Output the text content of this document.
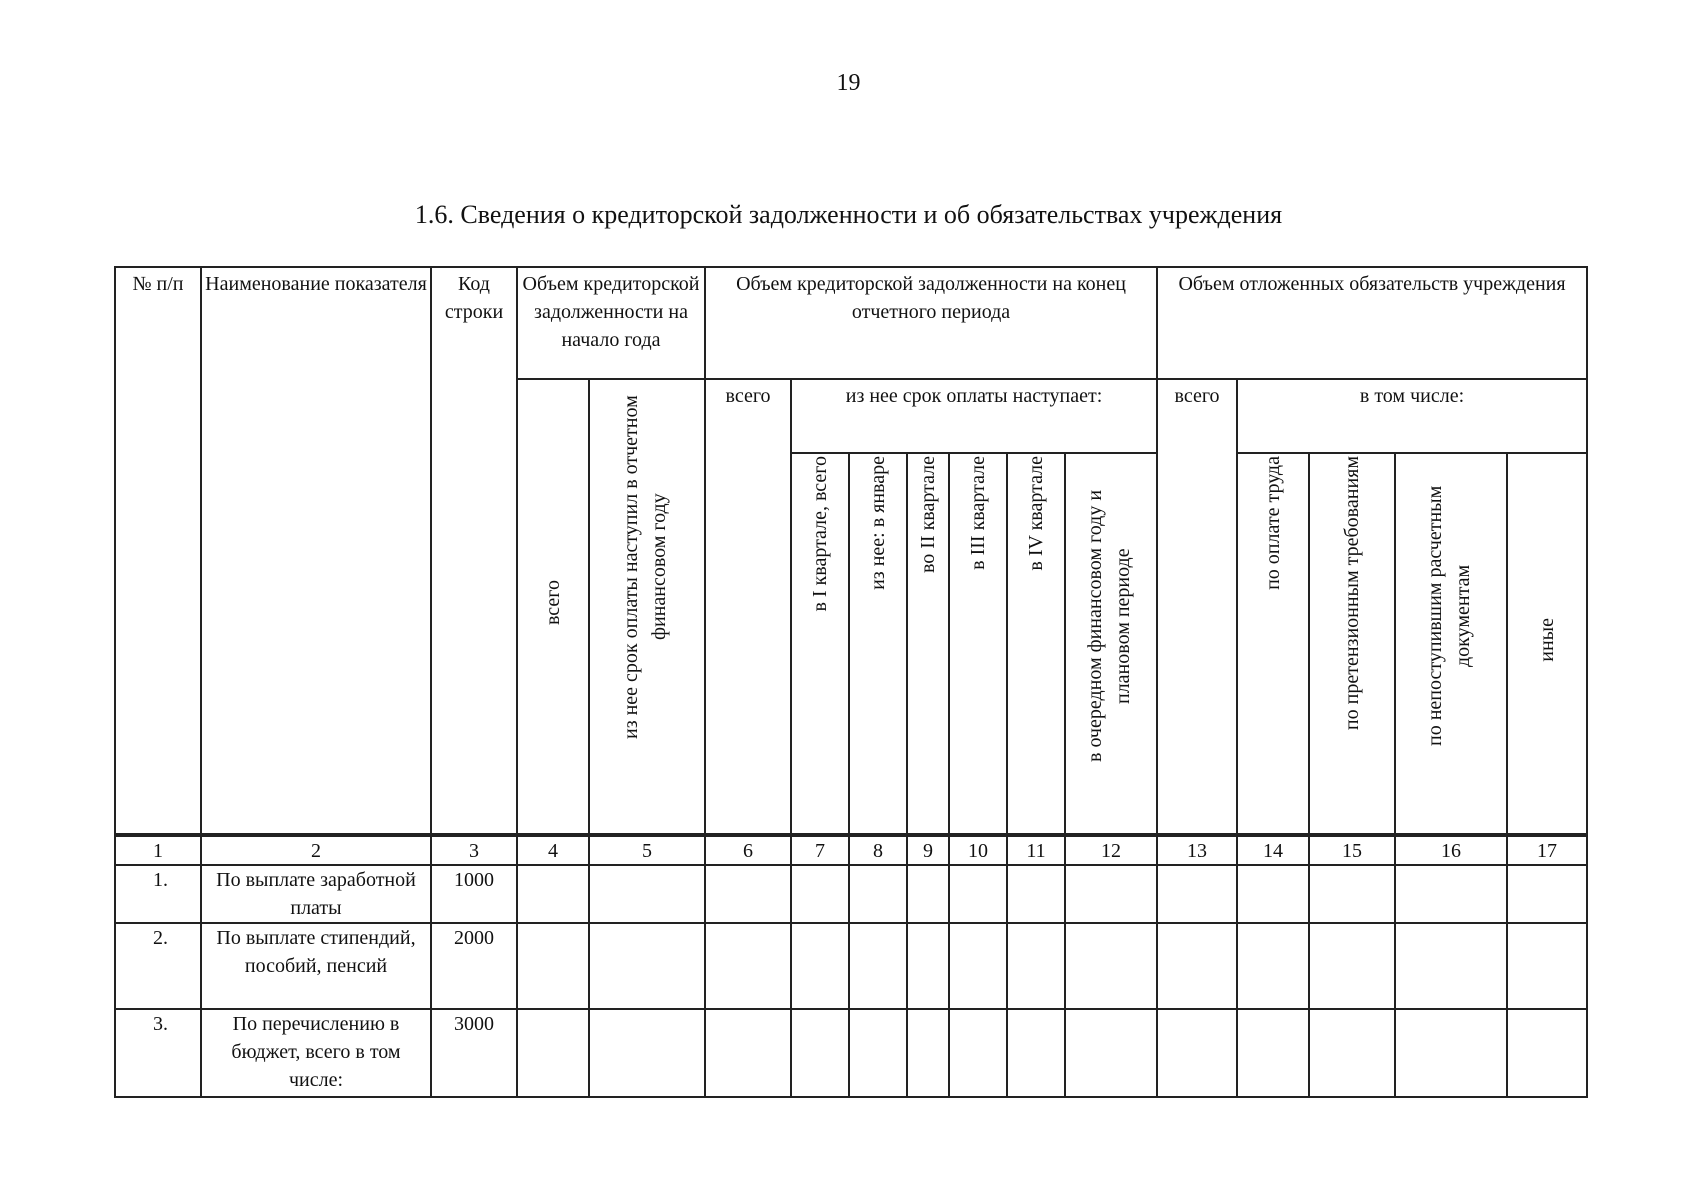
19
1.6. Сведения о кредиторской задолженности и об обязательствах учреждения
№ п/п	Наименование показателя	Код строки	Объем кредиторской задолженности на начало года		Объем кредиторской задолженности на конец отчетного периода							Объем отложенных обязательств учреждения				
			всего	из нее срок оплаты наступил в отчетном финансовом году	всего	из нее срок оплаты наступает:						всего	в том числе:			
						в I квартале, всего	из нее: в январе	во II квартале	в III квартале	в IV квартале	в очередном финансовом году и плановом периоде		по оплате труда	по претензионным требованиям	по непоступившим расчетным документам	иные
1	2	3	4	5	6	7	8	9	10	11	12	13	14	15	16	17
1.	По выплате заработной платы	1000														
2.	По выплате стипендий, пособий, пенсий	2000														
3.	По перечислению в бюджет, всего в том числе:	3000														
